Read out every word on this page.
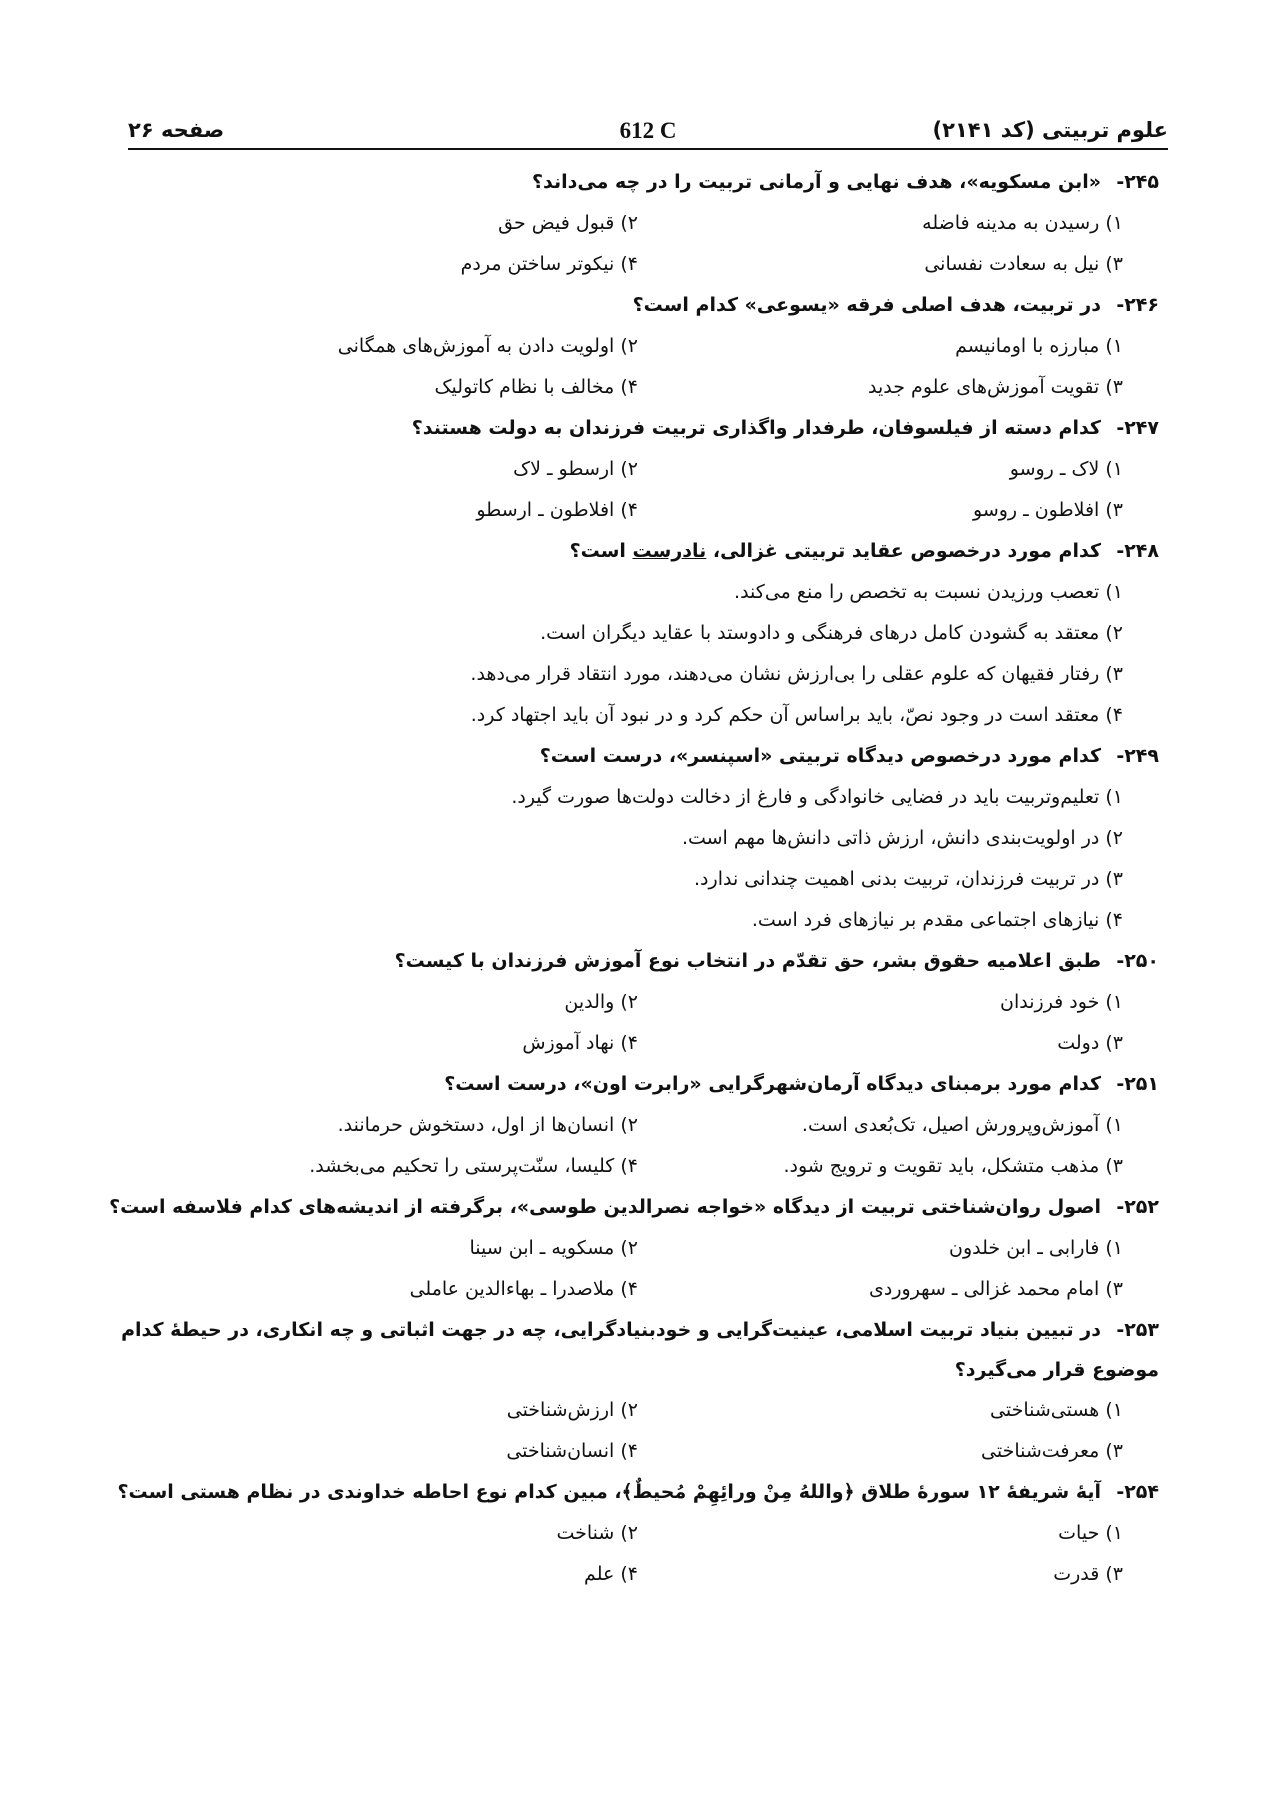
علوم تربیتی (کد ۲۱۴۱)
612 C
صفحه ۲۶
۲۴۵-«ابن مسکویه»، هدف نهایی و آرمانی تربیت را در چه می‌داند؟
۱) رسیدن به مدینه فاضله
۲) قبول فیض حق
۳) نیل به سعادت نفسانی
۴) نیکوتر ساختن مردم
۲۴۶-در تربیت، هدف اصلی فرقه «یسوعی» کدام است؟
۱) مبارزه با اومانیسم
۲) اولویت دادن به آموزش‌های همگانی
۳) تقویت آموزش‌های علوم جدید
۴) مخالف با نظام کاتولیک
۲۴۷-کدام دسته از فیلسوفان، طرفدار واگذاری تربیت فرزندان به دولت هستند؟
۱) لاک ـ روسو
۲) ارسطو ـ لاک
۳) افلاطون ـ روسو
۴) افلاطون ـ ارسطو
۲۴۸-کدام مورد درخصوص عقاید تربیتی غزالی، نادرست است؟
۱) تعصب ورزیدن نسبت به تخصص را منع می‌کند.
۲) معتقد به گشودن کامل درهای فرهنگی و دادوستد با عقاید دیگران است.
۳) رفتار فقیهان که علوم عقلی را بی‌ارزش نشان می‌دهند، مورد انتقاد قرار می‌دهد.
۴) معتقد است در وجود نصّ، باید براساس آن حکم کرد و در نبود آن باید اجتهاد کرد.
۲۴۹-کدام مورد درخصوص دیدگاه تربیتی «اسپنسر»، درست است؟
۱) تعلیم‌وتربیت باید در فضایی خانوادگی و فارغ از دخالت دولت‌ها صورت گیرد.
۲) در اولویت‌بندی دانش، ارزش ذاتی دانش‌ها مهم است.
۳) در تربیت فرزندان، تربیت بدنی اهمیت چندانی ندارد.
۴) نیازهای اجتماعی مقدم بر نیازهای فرد است.
۲۵۰-طبق اعلامیه حقوق بشر، حق تقدّم در انتخاب نوع آموزش فرزندان با کیست؟
۱) خود فرزندان
۲) والدین
۳) دولت
۴) نهاد آموزش
۲۵۱-کدام مورد برمبنای دیدگاه آرمان‌شهرگرایی «رابرت اون»، درست است؟
۱) آموزش‌وپرورش اصیل، تک‌بُعدی است.
۲) انسان‌ها از اول، دستخوش حرمانند.
۳) مذهب متشکل، باید تقویت و ترویج شود.
۴) کلیسا، سنّت‌پرستی را تحکیم می‌بخشد.
۲۵۲-اصول روان‌شناختی تربیت از دیدگاه «خواجه نصرالدین طوسی»، برگرفته از اندیشه‌های کدام فلاسفه است؟
۱) فارابی ـ ابن خلدون
۲) مسکویه ـ ابن سینا
۳) امام محمد غزالی ـ سهروردی
۴) ملاصدرا ـ بهاءالدین عاملی
۲۵۳-در تبیین بنیاد تربیت اسلامی، عینیت‌گرایی و خودبنیادگرایی، چه در جهت اثباتی و چه انکاری، در حیطهٔ کدام موضوع قرار می‌گیرد؟
۱) هستی‌شناختی
۲) ارزش‌شناختی
۳) معرفت‌شناختی
۴) انسان‌شناختی
۲۵۴-آیهٔ شریفهٔ ۱۲ سورهٔ طلاق ﴿واللهُ مِنْ ورائِهِمْ مُحیطٌ﴾، مبین کدام نوع احاطه خداوندی در نظام هستی است؟
۱) حیات
۲) شناخت
۳) قدرت
۴) علم
